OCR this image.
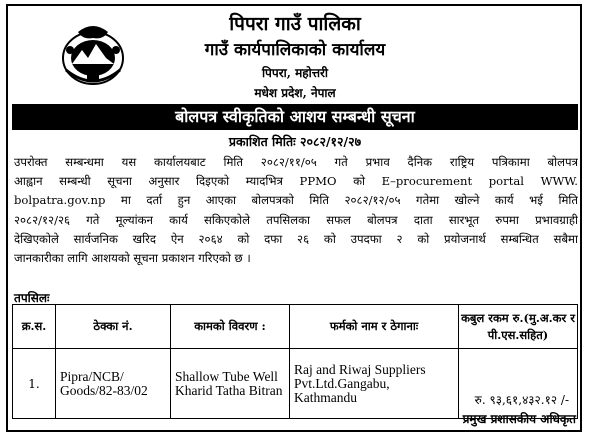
पिपरा गाउँ पालिका
गाउँ कार्यपालिकाको कार्यालय
पिपरा, महोत्तरी
मधेश प्रदेश, नेपाल
बोलपत्र स्वीकृतिको आशय सम्बन्धी सूचना
प्रकाशित मितिः २०८२/१२/२७
उपरोक्त सम्बन्धमा यस कार्यालयबाट मिति २०८२/११/०५ गते प्रभाव दैनिक राष्ट्रिय पत्रिकामा बोलपत्र
आह्वान सम्बन्धी सूचना अनुसार दिइएको म्यादभित्र PPMO को E–procurement portal WWW.
bolpatra.gov.np मा दर्ता हुन आएका बोलपत्रको मिति २०८२/१२/०५ गतेमा खोल्ने कार्य भई मिति
२०८२/१२/२६ गते मूल्यांकन कार्य सकिएकोले तपसिलका सफल बोलपत्र दाता सारभूत रुपमा प्रभावग्राही
देखिएकोले सार्वजनिक खरिद ऐन २०६४ को दफा २६ को उपदफा २ को प्रयोजनार्थ सम्बन्धित सबैमा
जानकारीका लागि आशयको सूचना प्रकाशन गरिएको छ ।
तपसिलः
क्र.स.	ठेक्का नं.	कामको विवरण :	फर्मको नाम र ठेगानाः	कबुल रकम रु.(मु.अ.कर र पी.एस.सहित)
1.	Pipra/NCB/ Goods/82-83/02	Shallow Tube Well Kharid Tatha Bitran	Raj and Riwaj Suppliers Pvt.Ltd.Gangabu, Kathmandu	रु. ९३,६१,४३२.१२ /-
प्रमुख प्रशासकीय अधिकृत
